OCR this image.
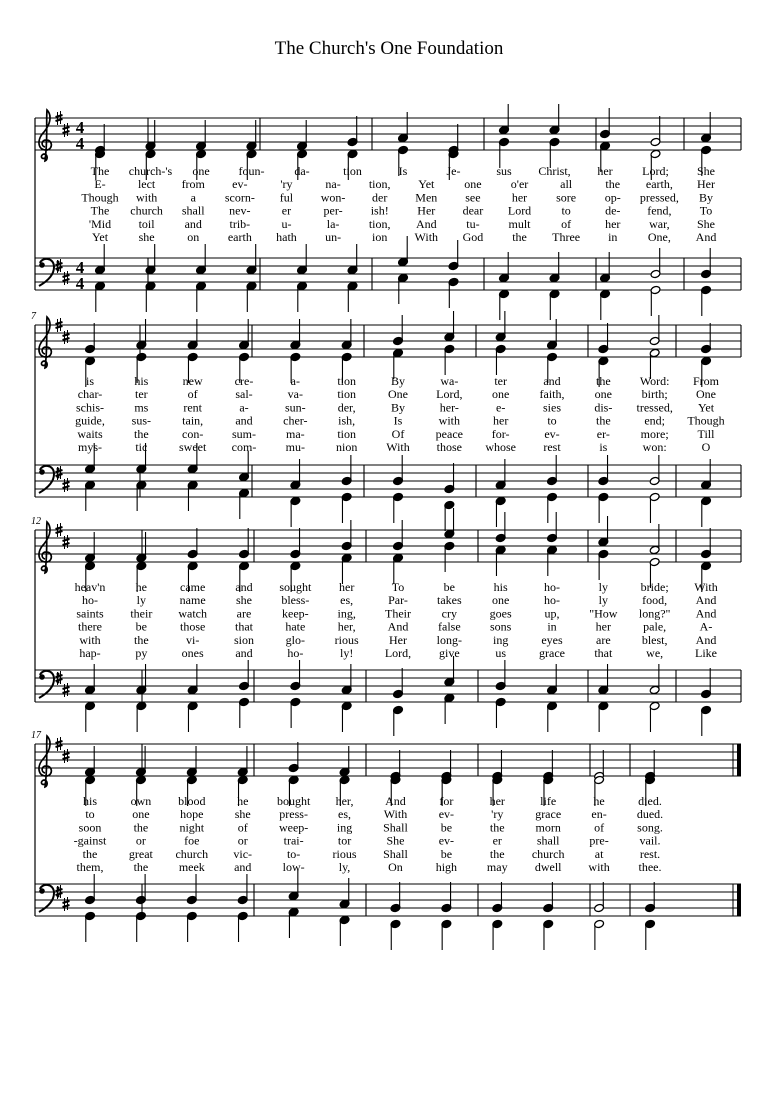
The Church's One Foundation
4
4
4
4
The church-'s one foun- da-	tion	Is	Je-	sus Christ, her Lord; She
E-	lect from ev-	'ry	na- tion, Yet one o'er	all	the earth, Her
Though with	a scorn- ful won- der Men see	her sore op- pressed, By
The church shall nev-	er	per- ish! Her dear Lord	to	de- fend, To
'Mid toil and trib-	u-	la- tion, And tu- mult	of	her war, She
Yet	she	on earth hath un-	ion With God the Three in	One, And
7
is	his	new	cre-	a-	tion	By	wa-	ter	and	the Word: From
char-	ter	of	sal-	va-	tion	One Lord, one	faith,	one birth; One
schis-	ms	rent	a-	sun-	der,	By	her-	e-	sies	dis- tressed, Yet
guide, sus-	tain,	and	cher-	ish,	Is	with	her	to	the	end; Though
waits	the	con- sum-	ma-	tion	Of	peace for-	ev-	er-	more; Till
mys-	tic	sweet com- mu-	nion With those whose rest	is	won:	O
12
heav'n	he	came	and sought her	To	be	his	ho-	ly	bride; With
ho-	ly	name	she bless-	es,	Par- takes	one	ho-	ly	food, And
saints their watch are	keep- ing, Their	cry	goes	up, "How long?" And
there	be	those that	hate	her,	And false sons	in	her	pale,	A-
with	the	vi-	sion	glo- rious	Her long-	ing	eyes	are	blest, And
hap-	py	ones	and	ho-	ly!	Lord, give	us	grace that	we,	Like
17
his	own blood	he bought her,	And	for	her	life	he	died.
to	one	hope	she press-	es,	With	ev-	'ry	grace	en-	dued.
soon	the	night	of	weep- ing	Shall	be	the	morn	of	song.
-gainst or	foe	or	trai-	tor	She	ev-	er	shall pre-	vail.
the	great church vic-	to-	rious Shall	be	the church	at	rest.
them,	the	meek and	low-	ly,	On	high may dwell with thee.
